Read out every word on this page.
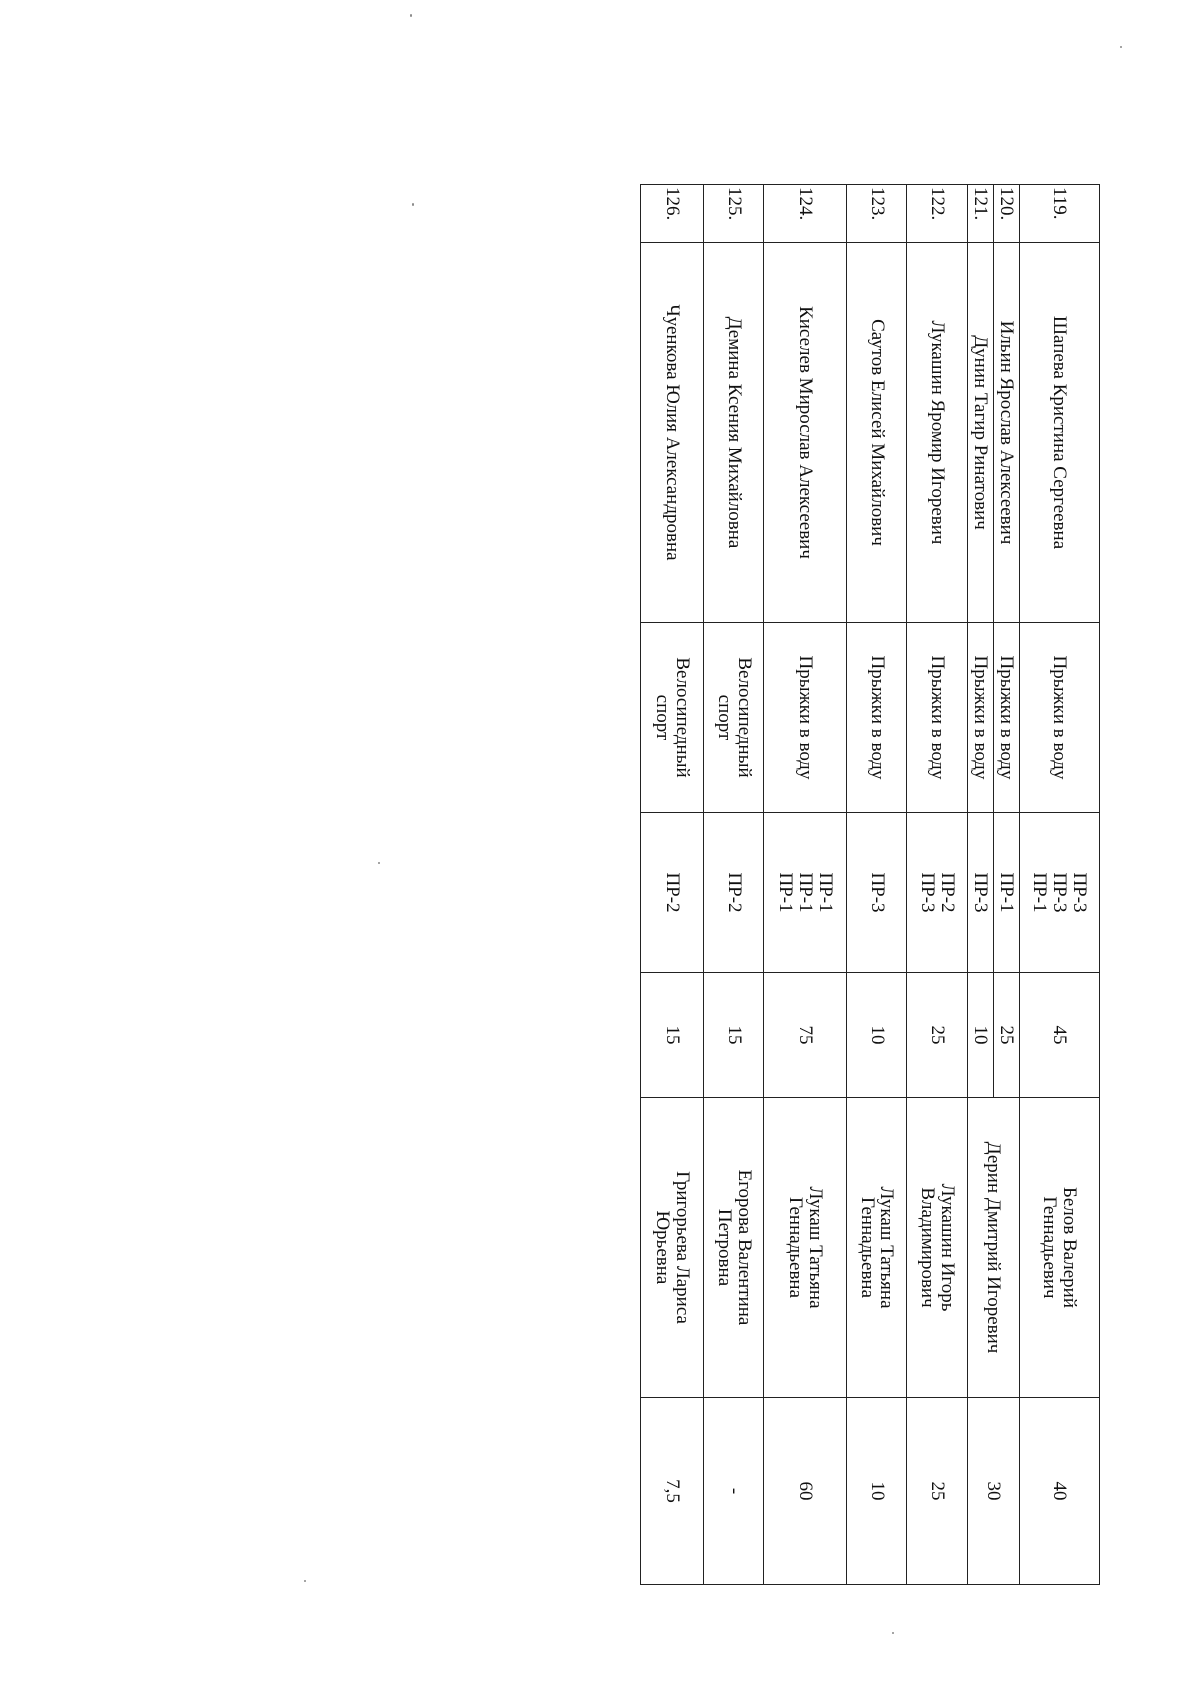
119.	Шапева Кристина Сергеевна	Прыжки в воду	ПР-3
ПР-3
ПР-1	45	Белов Валерий
Геннадьевич	40
120.	Ильин Ярослав Алексеевич	Прыжки в воду	ПР-1	25	Дерин Дмитрий Игоревич	30
121.	Дунин Тагир Ринатович	Прыжки в воду	ПР-3	10		
122.	Лукашин Яромир Игоревич	Прыжки в воду	ПР-2
ПР-3	25	Лукашин Игорь
Владимирович	25
123.	Саутов Елисей Михайлович	Прыжки в воду	ПР-3	10	Лукаш Татьяна
Геннадьевна	10
124.	Киселев Мирослав Алексеевич	Прыжки в воду	ПР-1
ПР-1
ПР-1	75	Лукаш Татьяна
Геннадьевна	60
125.	Демина Ксения Михайловна	Велосипедный
спорт	ПР-2	15	Егорова Валентина
Петровна	-
126.	Чуенкова Юлия Александровна	Велосипедный
спорт	ПР-2	15	Григорьева Лариса
Юрьевна	7,5
